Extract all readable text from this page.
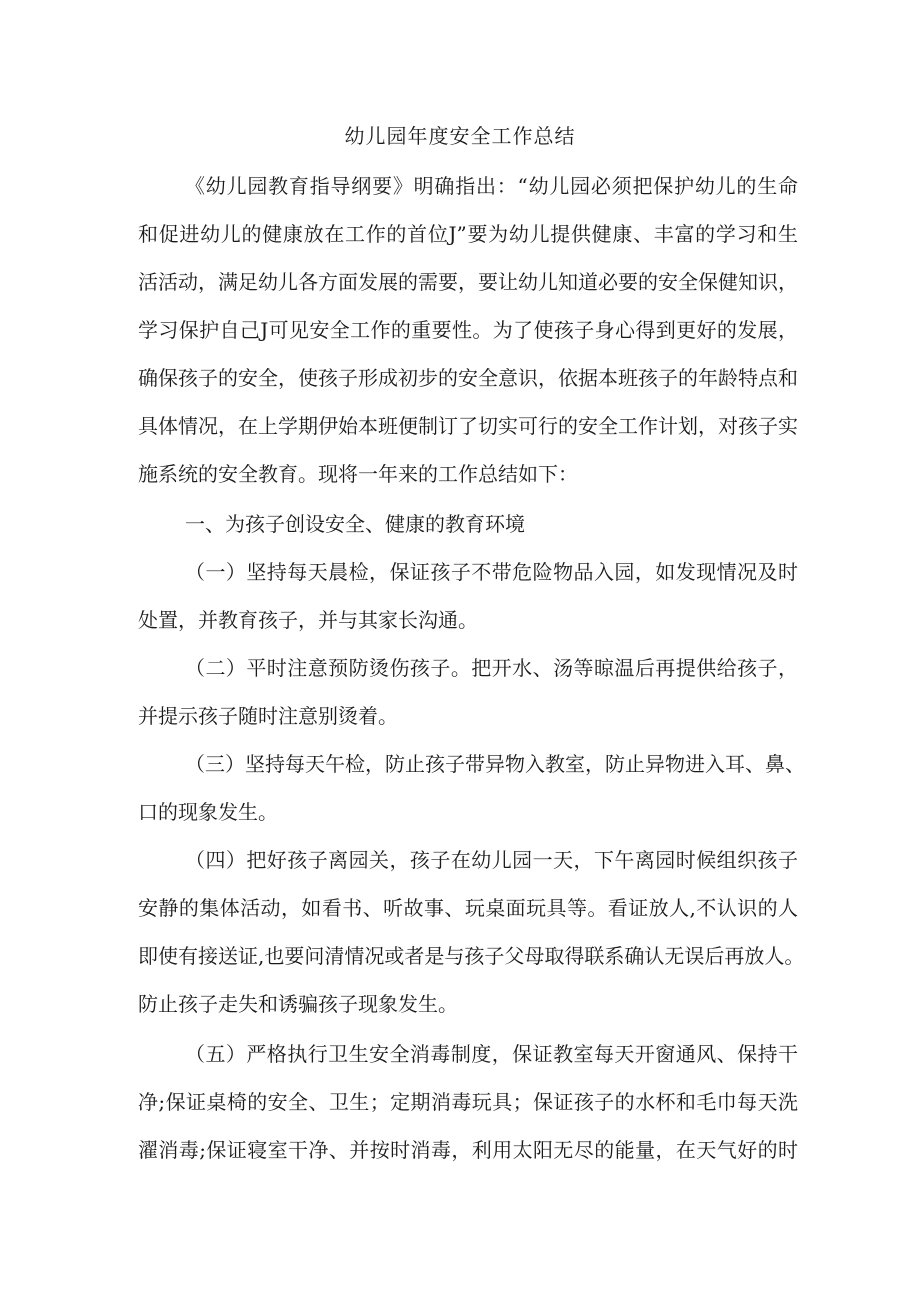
幼儿园年度安全工作总结
《幼儿园教育指导纲要》明确指出：“幼儿园必须把保护幼儿的生命
和促进幼儿的健康放在工作的首位J”要为幼儿提供健康、丰富的学习和生
活活动，满足幼儿各方面发展的需要，要让幼儿知道必要的安全保健知识，
学习保护自己J可见安全工作的重要性。为了使孩子身心得到更好的发展，
确保孩子的安全，使孩子形成初步的安全意识，依据本班孩子的年龄特点和
具体情况，在上学期伊始本班便制订了切实可行的安全工作计划，对孩子实
施系统的安全教育。现将一年来的工作总结如下：
一、为孩子创设安全、健康的教育环境
（一）坚持每天晨检，保证孩子不带危险物品入园，如发现情况及时
处置，并教育孩子，并与其家长沟通。
（二）平时注意预防烫伤孩子。把开水、汤等晾温后再提供给孩子，
并提示孩子随时注意别烫着。
（三）坚持每天午检，防止孩子带异物入教室，防止异物进入耳、鼻、
口的现象发生。
（四）把好孩子离园关，孩子在幼儿园一天，下午离园时候组织孩子
安静的集体活动，如看书、听故事、玩桌面玩具等。看证放人,不认识的人
即使有接送证,也要问清情况或者是与孩子父母取得联系确认无误后再放人。
防止孩子走失和诱骗孩子现象发生。
（五）严格执行卫生安全消毒制度，保证教室每天开窗通风、保持干
净;保证桌椅的安全、卫生；定期消毒玩具；保证孩子的水杯和毛巾每天洗
濯消毒;保证寝室干净、并按时消毒，利用太阳无尽的能量，在天气好的时
